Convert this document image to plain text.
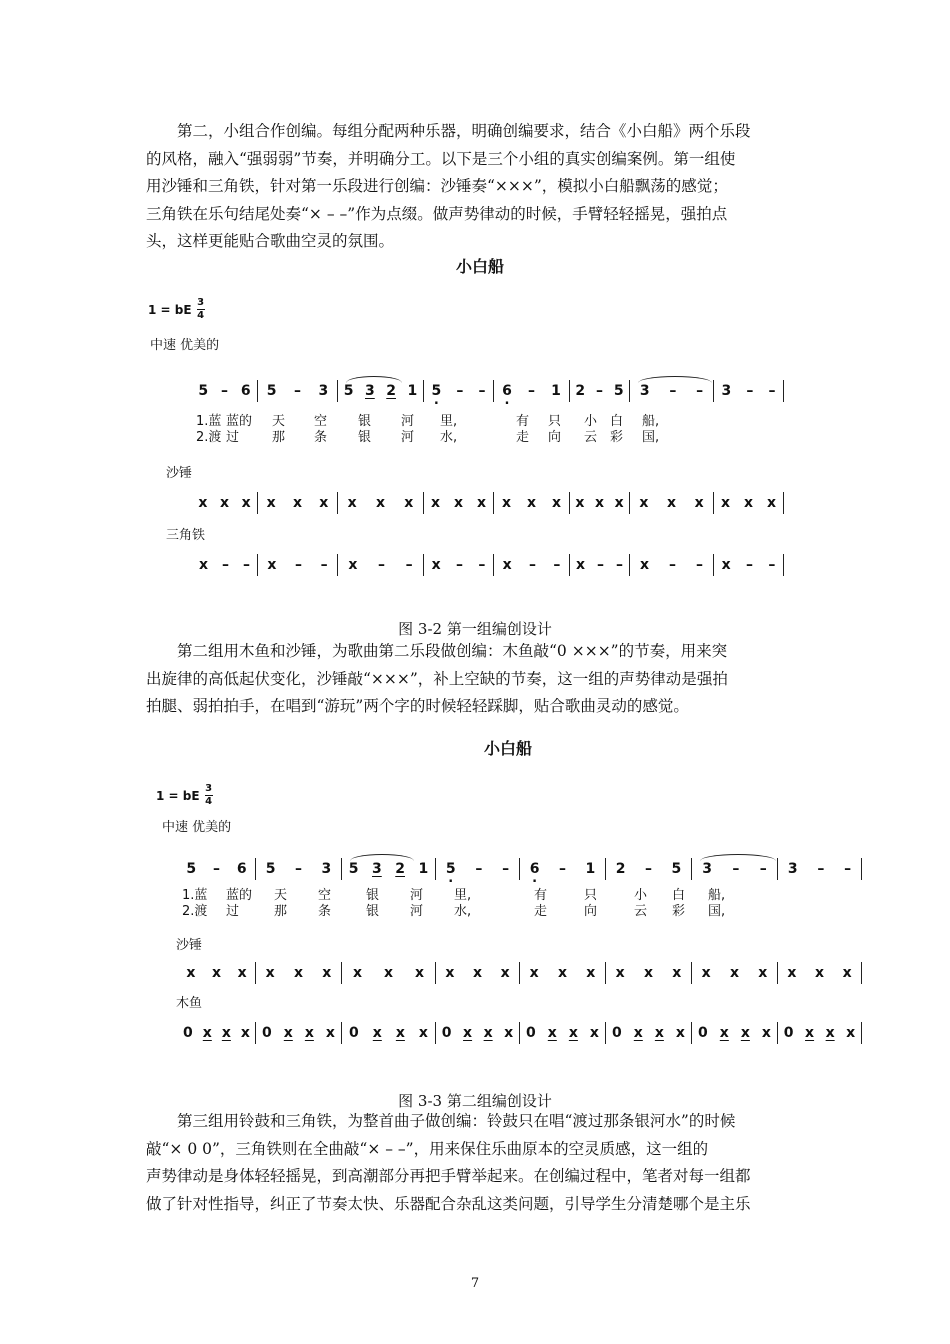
第二，小组合作创编。每组分配两种乐器，明确创编要求，结合《小白船》两个乐段
的风格，融入“强弱弱”节奏，并明确分工。以下是三个小组的真实创编案例。第一组使
用沙锤和三角铁，针对第一乐段进行创编：沙锤奏“×××”，模拟小白船飘荡的感觉；
三角铁在乐句结尾处奏“× – –”作为点缀。做声势律动的时候，手臂轻轻摇晃，强拍点
头，这样更能贴合歌曲空灵的氛围。
小白船
1 = bE $\frac{3}{4}$
中速 优美的
5 – 6 5 – 3 5 3 2 1 5 . – – 6 . – 1 2 – 5 3 – – 3 – –
1.蓝 蓝的 天 空 银 河 里,	有 只 小 白 船,
2.渡 过	那 条 银 河 水,	走 向 云 彩 国,
沙锤
x x x x x x x x x x x x x x x x x x x x x x x x
三角铁
x – – x – – x – – x – – x – – x – – x – – x – –
图 3-2 第一组编创设计
第二组用木鱼和沙锤，为歌曲第二乐段做创编：木鱼敲“0 ×××”的节奏，用来突
出旋律的高低起伏变化，沙锤敲“×××”，补上空缺的节奏，这一组的声势律动是强拍
拍腿、弱拍拍手，在唱到“游玩”两个字的时候轻轻踩脚，贴合歌曲灵动的感觉。
小白船
1 = bE $\frac{3}{4}$
中速 优美的
5 – 6 5 – 3 5 3 2 1 5 . – – 6 . – 1 2 – 5 3 – – 3 – –
1.蓝 蓝的 天 空	银 河 里,	有	只	小 白 船,
2.渡 过	那 条	银 河 水,	走	向	云 彩 国,
沙锤
x x x x x x x x x x x x x x x x x x x x x x x x
木鱼
0 x x x 0 x x x 0 x x x 0 x x x 0 x x x 0 x x x 0 x x x 0 x x x
图 3-3 第二组编创设计
第三组用铃鼓和三角铁，为整首曲子做创编：铃鼓只在唱“渡过那条银河水”的时候
敲“× 0 0”，三角铁则在全曲敲“× – –”，用来保住乐曲原本的空灵质感，这一组的
声势律动是身体轻轻摇晃，到高潮部分再把手臂举起来。在创编过程中，笔者对每一组都
做了针对性指导，纠正了节奏太快、乐器配合杂乱这类问题，引导学生分清楚哪个是主乐
7
